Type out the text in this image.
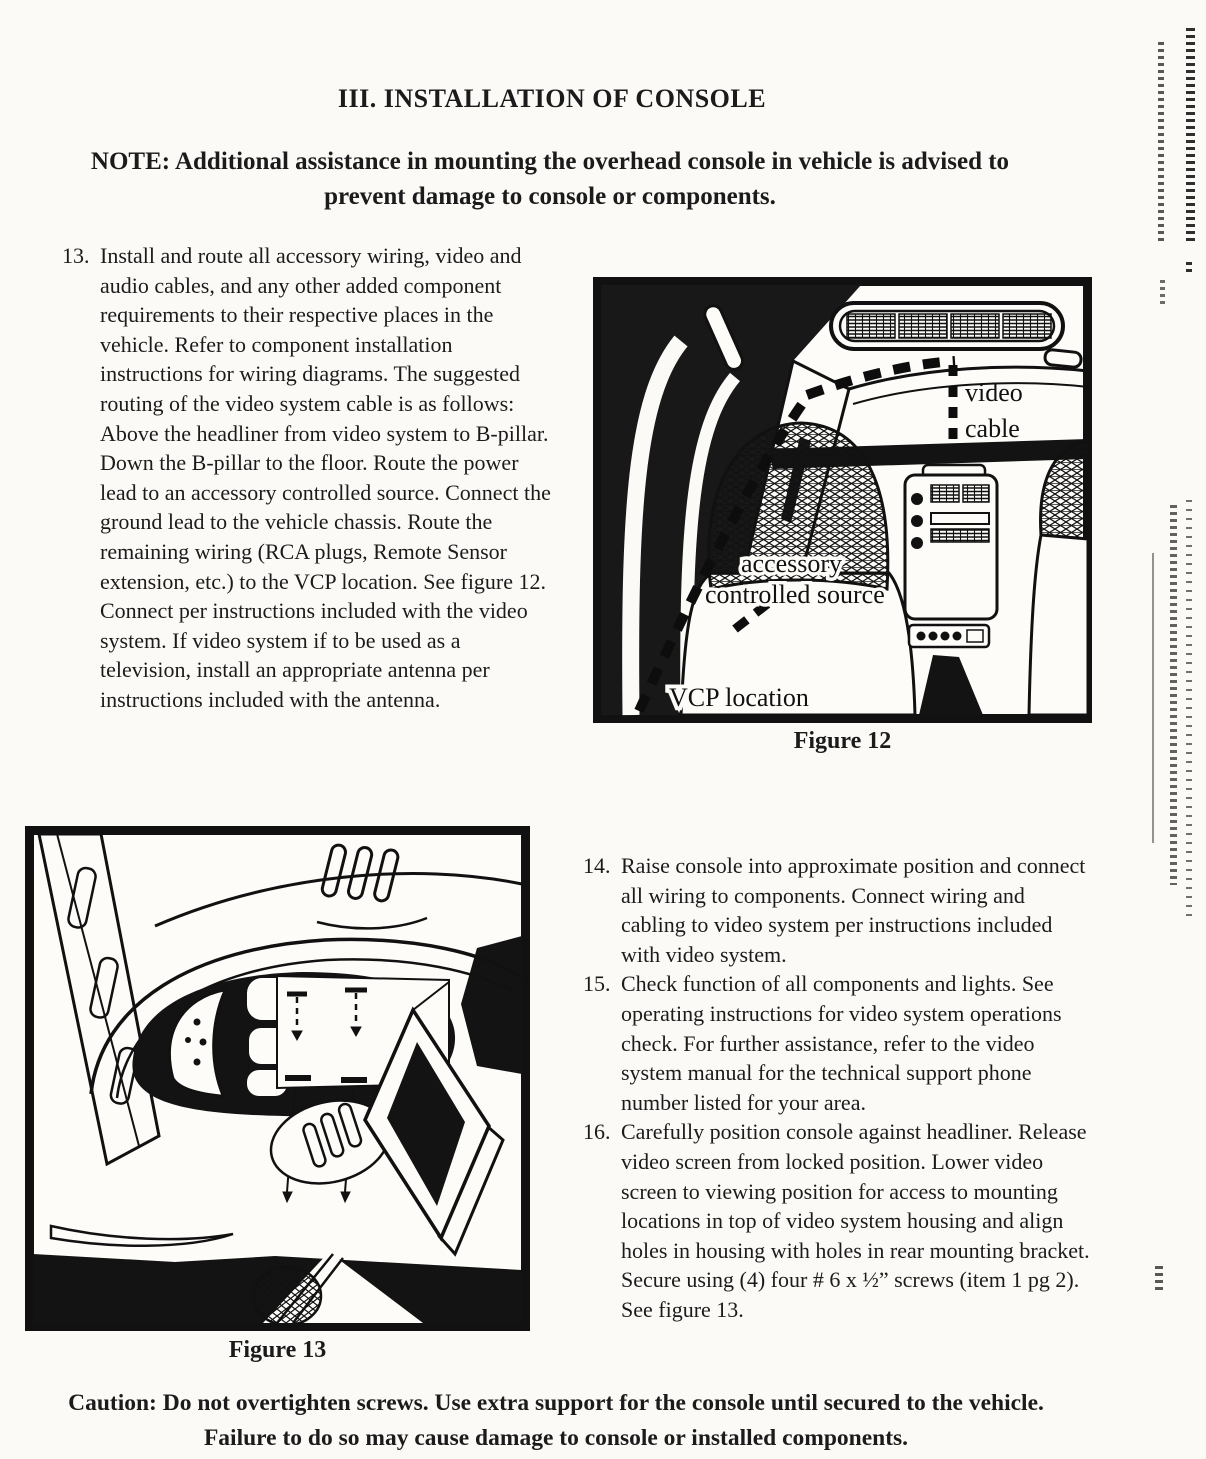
III. INSTALLATION OF CONSOLE
NOTE: Additional assistance in mounting the overhead console in vehicle is advised to prevent damage to console or components.
13. Install and route all accessory wiring, video and audio cables, and any other added component requirements to their respective places in the vehicle. Refer to component installation instructions for wiring diagrams. The suggested routing of the video system cable is as follows: Above the headliner from video system to B-pillar. Down the B-pillar to the floor. Route the power lead to an accessory controlled source. Connect the ground lead to the vehicle chassis. Route the remaining wiring (RCA plugs, Remote Sensor extension, etc.) to the VCP location. See figure 12. Connect per instructions included with the video system. If video system if to be used as a television, install an appropriate antenna per instructions included with the antenna.
video
cable
accessory
controlled source
VCP location
Figure 12
Figure 13
14. Raise console into approximate position and connect all wiring to components. Connect wiring and cabling to video system per instructions included with video system.
15. Check function of all components and lights. See operating instructions for video system operations check. For further assistance, refer to the video system manual for the technical support phone number listed for your area.
16. Carefully position console against headliner. Release video screen from locked position. Lower video screen to viewing position for access to mounting locations in top of video system housing and align holes in housing with holes in rear mounting bracket. Secure using (4) four # 6 x ½” screws (item 1 pg 2). See figure 13.
Caution: Do not overtighten screws. Use extra support for the console until secured to the vehicle. Failure to do so may cause damage to console or installed components.
